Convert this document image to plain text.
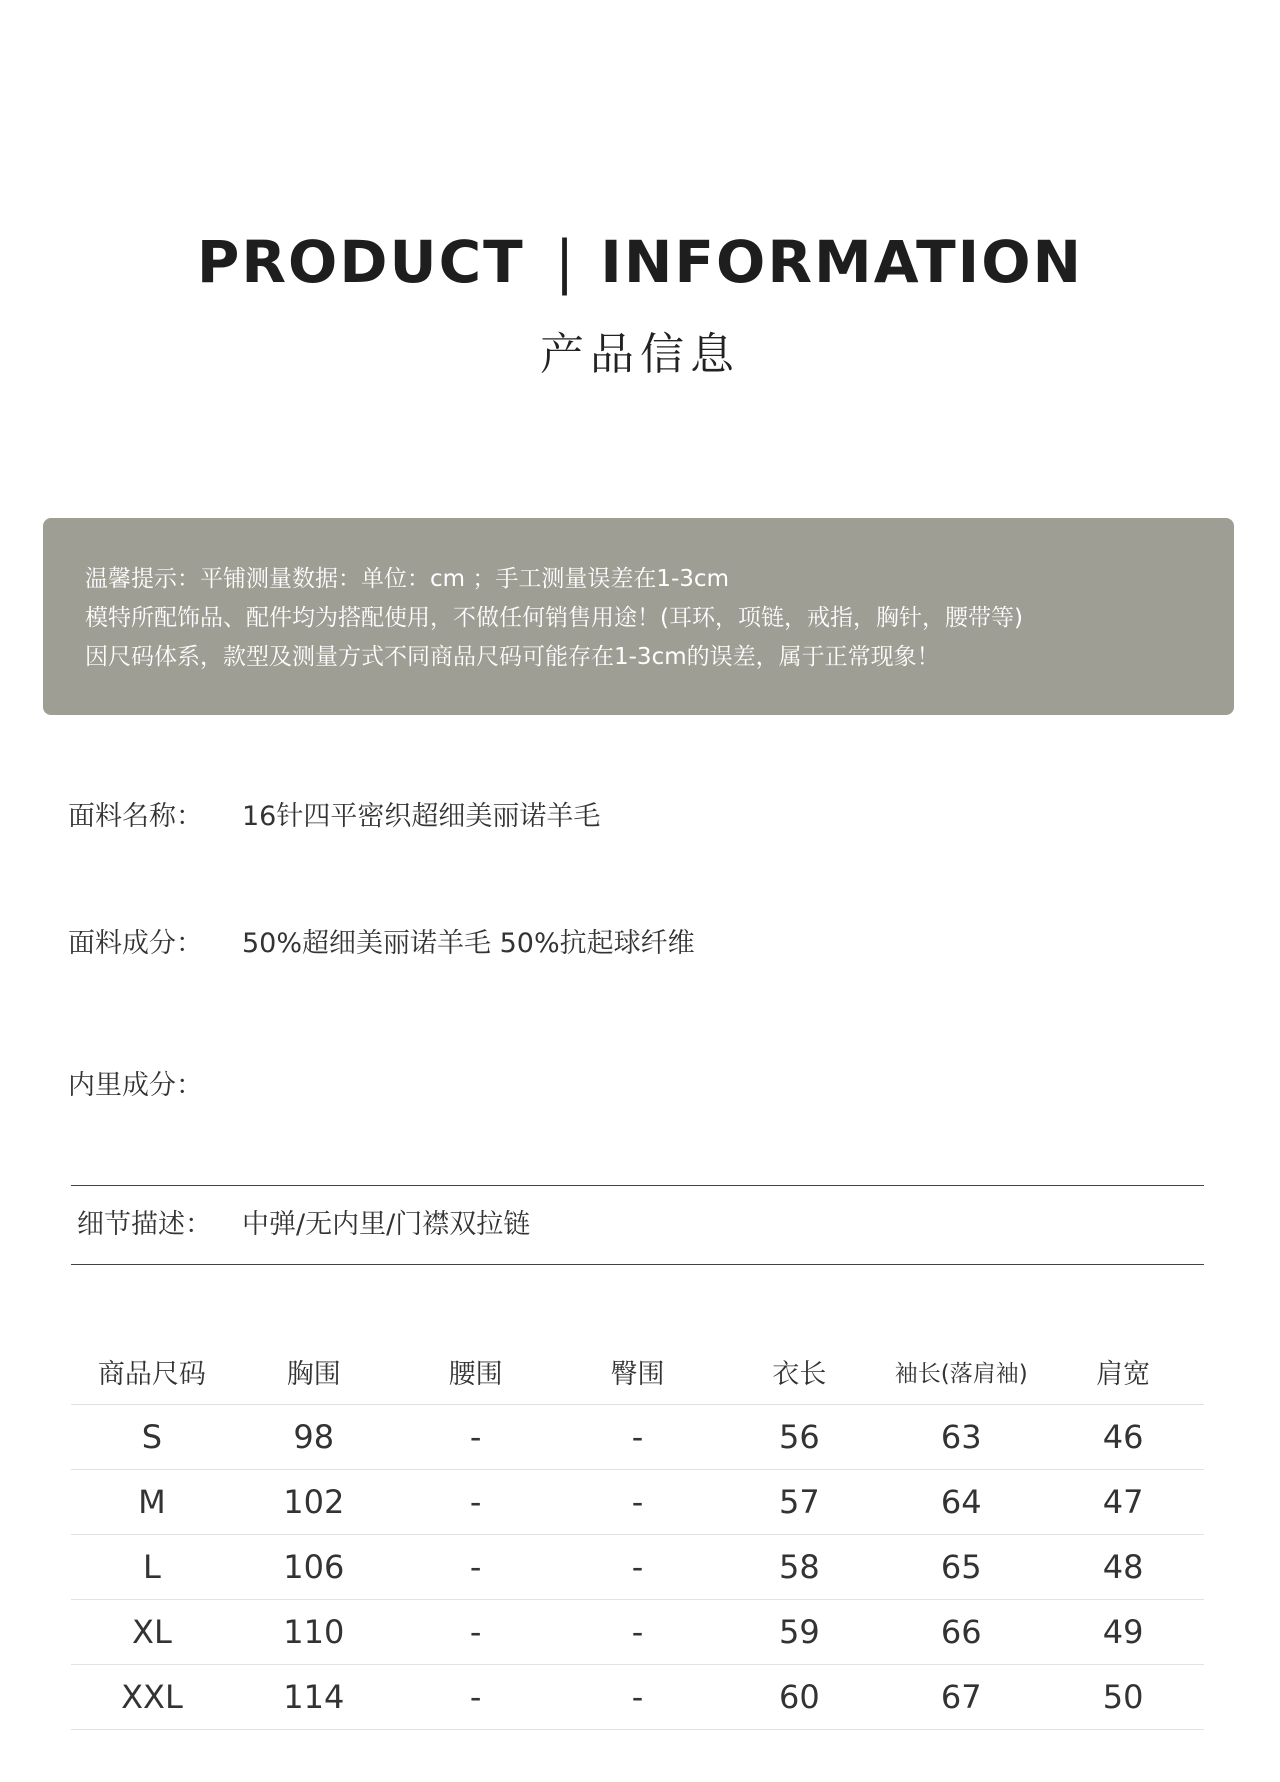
PRODUCT | INFORMATION
产品信息
温馨提示：平铺测量数据：单位：cm ；手工测量误差在1-3cm
模特所配饰品、配件均为搭配使用，不做任何销售用途！(耳环，项链，戒指，胸针，腰带等)
因尺码体系，款型及测量方式不同商品尺码可能存在1-3cm的误差，属于正常现象！
面料名称： 16针四平密织超细美丽诺羊毛
面料成分： 50%超细美丽诺羊毛 50%抗起球纤维
内里成分：
细节描述： 中弹/无内里/门襟双拉链
商品尺码	胸围	腰围	臀围	衣长	袖长(落肩袖)	肩宽
S	98	-	-	56	63	46
M	102	-	-	57	64	47
L	106	-	-	58	65	48
XL	110	-	-	59	66	49
XXL	114	-	-	60	67	50
